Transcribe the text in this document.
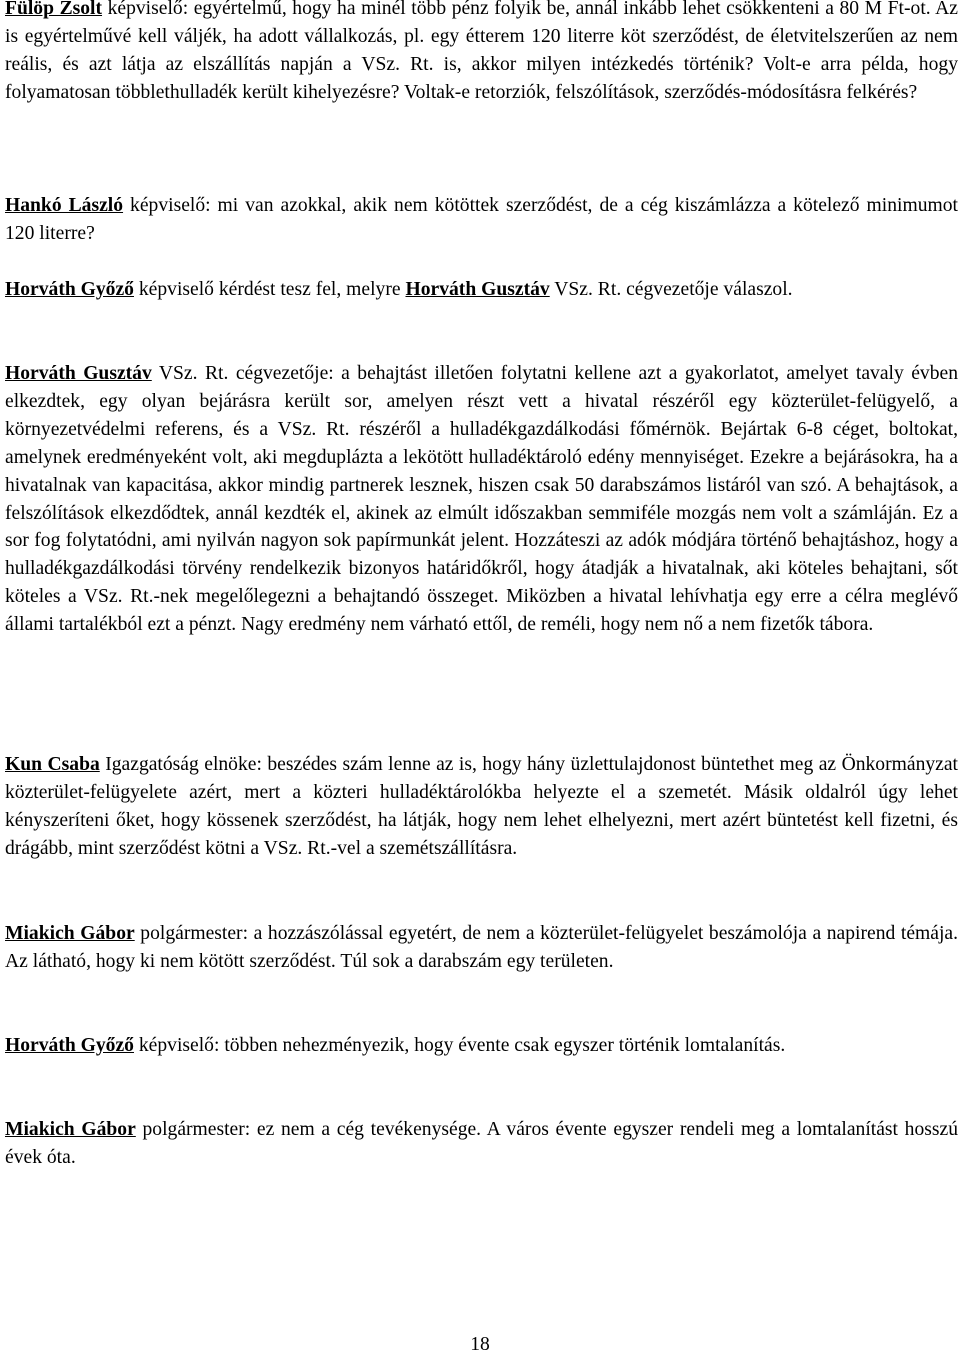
Fülöp Zsolt képviselő: egyértelmű, hogy ha minél több pénz folyik be, annál inkább lehet csökkenteni a 80 M Ft-ot. Az is egyértelművé kell váljék, ha adott vállalkozás, pl. egy étterem 120 literre köt szerződést, de életvitelszerűen az nem reális, és azt látja az elszállítás napján a VSz. Rt. is, akkor milyen intézkedés történik? Volt-e arra példa, hogy folyamatosan többlethulladék került kihelyezésre? Voltak-e retorziók, felszólítások, szerződés-módosításra felkérés?

Hankó László képviselő: mi van azokkal, akik nem kötöttek szerződést, de a cég kiszámlázza a kötelező minimumot 120 literre?

Horváth Győző képviselő kérdést tesz fel, melyre Horváth Gusztáv VSz. Rt. cégvezetője válaszol.

Horváth Gusztáv VSz. Rt. cégvezetője: a behajtást illetően folytatni kellene azt a gyakorlatot, amelyet tavaly évben elkezdtek, egy olyan bejárásra került sor, amelyen részt vett a hivatal részéről egy közterület-felügyelő, a környezetvédelmi referens, és a VSz. Rt. részéről a hulladékgazdálkodási főmérnök. Bejártak 6-8 céget, boltokat, amelynek eredményeként volt, aki megduplázta a lekötött hulladéktároló edény mennyiséget. Ezekre a bejárásokra, ha a hivatalnak van kapacitása, akkor mindig partnerek lesznek, hiszen csak 50 darabszámos listáról van szó. A behajtások, a felszólítások elkezdődtek, annál kezdték el, akinek az elmúlt időszakban semmiféle mozgás nem volt a számláján. Ez a sor fog folytatódni, ami nyilván nagyon sok papírmunkát jelent. Hozzáteszi az adók módjára történő behajtáshoz, hogy a hulladékgazdálkodási törvény rendelkezik bizonyos határidőkről, hogy átadják a hivatalnak, aki köteles behajtani, sőt köteles a VSz. Rt.-nek megelőlegezni a behajtandó összeget. Miközben a hivatal lehívhatja egy erre a célra meglévő állami tartalékból ezt a pénzt. Nagy eredmény nem várható ettől, de reméli, hogy nem nő a nem fizetők tábora.

Kun Csaba Igazgatóság elnöke: beszédes szám lenne az is, hogy hány üzlettulajdonost büntethet meg az Önkormányzat közterület-felügyelete azért, mert a közteri hulladéktárolókba helyezte el a szemetét. Másik oldalról úgy lehet kényszeríteni őket, hogy kössenek szerződést, ha látják, hogy nem lehet elhelyezni, mert azért büntetést kell fizetni, és drágább, mint szerződést kötni a VSz. Rt.-vel a szemétszállításra.

Miakich Gábor polgármester: a hozzászólással egyetért, de nem a közterület-felügyelet beszámolója a napirend témája. Az látható, hogy ki nem kötött szerződést. Túl sok a darabszám egy területen.

Horváth Győző képviselő: többen nehezményezik, hogy évente csak egyszer történik lomtalanítás.

Miakich Gábor polgármester: ez nem a cég tevékenysége. A város évente egyszer rendeli meg a lomtalanítást hosszú évek óta.

18
